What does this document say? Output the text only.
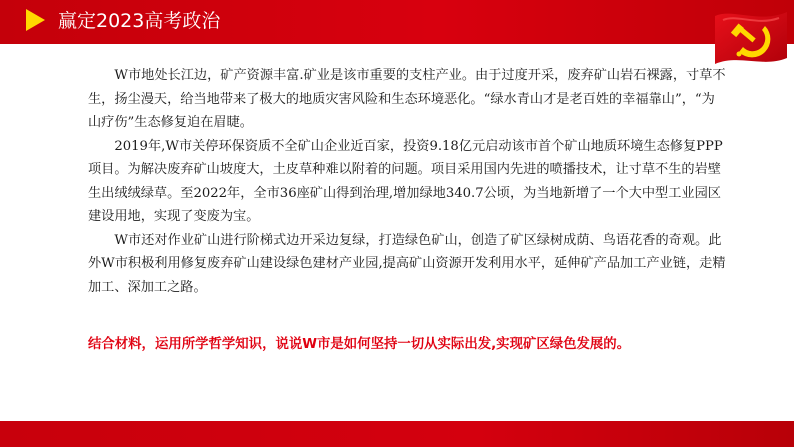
赢定2023高考政治

W市地处长江边，矿产资源丰富.矿业是该市重要的支柱产业。由于过度开采，废弃矿山岩石裸露，寸草不生，扬尘漫天，给当地带来了极大的地质灾害风险和生态环境恶化。“绿水青山才是老百姓的幸福靠山”，“为山疗伤”生态修复迫在眉睫。

2019年,W市关停环保资质不全矿山企业近百家，投资9.18亿元启动该市首个矿山地质环境生态修复PPP项目。为解决废弃矿山坡度大，土皮草种难以附着的问题。项目采用国内先进的喷播技术，让寸草不生的岩壁生出绒绒绿草。至2022年，全市36座矿山得到治理,增加绿地340.7公顷，为当地新增了一个大中型工业园区建设用地，实现了变废为宝。

W市还对作业矿山进行阶梯式边开采边复绿，打造绿色矿山，创造了矿区绿树成荫、鸟语花香的奇观。此外W市积极利用修复废弃矿山建设绿色建材产业园,提高矿山资源开发利用水平，延伸矿产品加工产业链，走精加工、深加工之路。

结合材料，运用所学哲学知识，说说W市是如何坚持一切从实际出发,实现矿区绿色发展的。
